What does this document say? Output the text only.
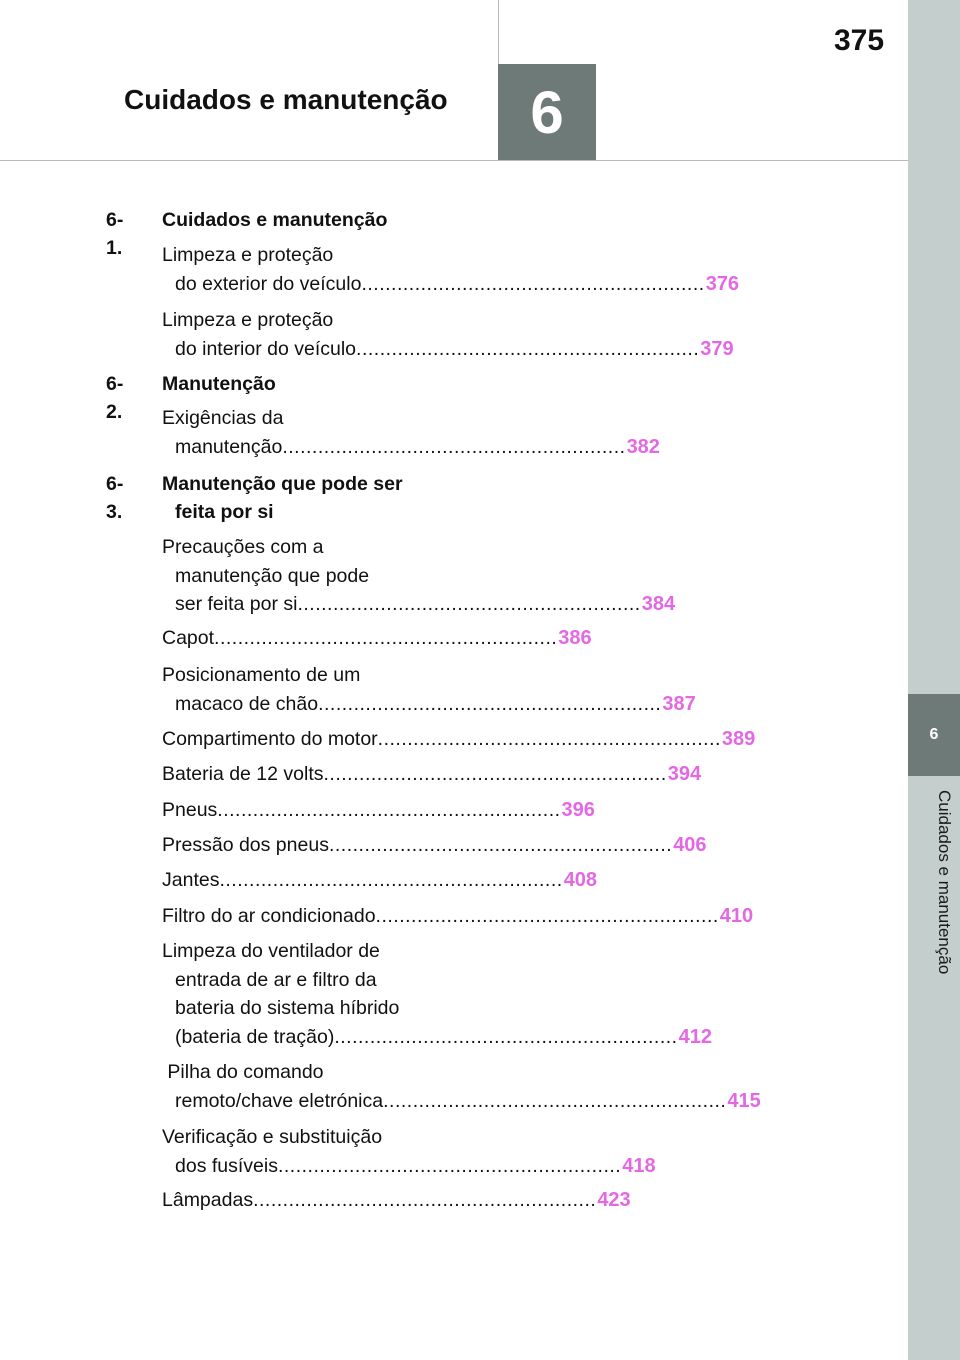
Cuidados e manutenção	6
375
6
Cuidados e manutenção
6-1.
Cuidados e manutenção
Limpeza e proteção
do exterior do veículo .......................................................... 376
Limpeza e proteção
do interior do veículo .......................................................... 379
6-2.
Manutenção
Exigências da
manutenção .......................................................... 382
6-3.
Manutenção que pode ser
feita por si
Precauções com a
manutenção que pode
ser feita por si .......................................................... 384
Capot .......................................................... 386
Posicionamento de um
macaco de chão .......................................................... 387
Compartimento do motor .......................................................... 389
Bateria de 12 volts .......................................................... 394
Pneus .......................................................... 396
Pressão dos pneus .......................................................... 406
Jantes .......................................................... 408
Filtro do ar condicionado .......................................................... 410
Limpeza do ventilador de
entrada de ar e filtro da
bateria do sistema híbrido
(bateria de tração) .......................................................... 412
Pilha do comando
remoto/chave eletrónica .......................................................... 415
Verificação e substituição
dos fusíveis .......................................................... 418
Lâmpadas .......................................................... 423
